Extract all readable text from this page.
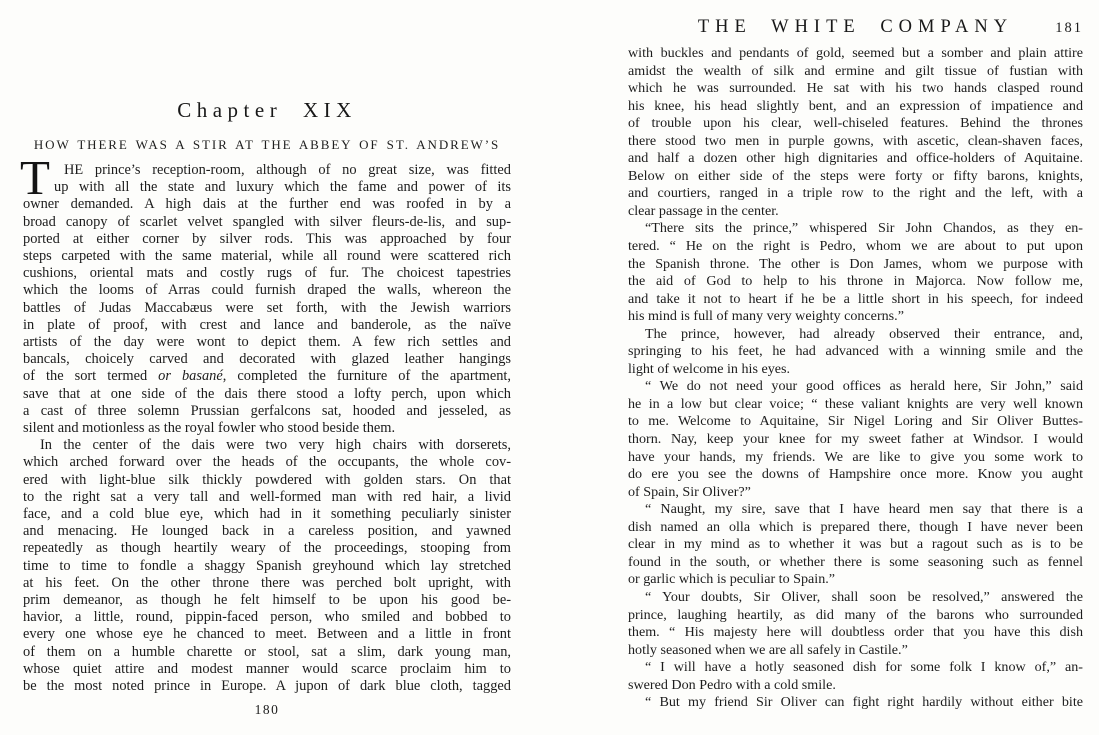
Chapter XIX
HOW THERE WAS A STIR AT THE ABBEY OF ST. ANDREW’S
T HE prince’s reception-room, although of no great size, was fitted
up with all the state and luxury which the fame and power of its
owner demanded. A high dais at the further end was roofed in by a
broad canopy of scarlet velvet spangled with silver fleurs-de-lis, and sup-
ported at either corner by silver rods. This was approached by four
steps carpeted with the same material, while all round were scattered rich
cushions, oriental mats and costly rugs of fur. The choicest tapestries
which the looms of Arras could furnish draped the walls, whereon the
battles of Judas Maccabæus were set forth, with the Jewish warriors
in plate of proof, with crest and lance and banderole, as the naïve
artists of the day were wont to depict them. A few rich settles and
bancals, choicely carved and decorated with glazed leather hangings
of the sort termed or basané, completed the furniture of the apartment,
save that at one side of the dais there stood a lofty perch, upon which
a cast of three solemn Prussian gerfalcons sat, hooded and jesseled, as
silent and motionless as the royal fowler who stood beside them.
In the center of the dais were two very high chairs with dorserets,
which arched forward over the heads of the occupants, the whole cov-
ered with light-blue silk thickly powdered with golden stars. On that
to the right sat a very tall and well-formed man with red hair, a livid
face, and a cold blue eye, which had in it something peculiarly sinister
and menacing. He lounged back in a careless position, and yawned
repeatedly as though heartily weary of the proceedings, stooping from
time to time to fondle a shaggy Spanish greyhound which lay stretched
at his feet. On the other throne there was perched bolt upright, with
prim demeanor, as though he felt himself to be upon his good be-
havior, a little, round, pippin-faced person, who smiled and bobbed to
every one whose eye he chanced to meet. Between and a little in front
of them on a humble charette or stool, sat a slim, dark young man,
whose quiet attire and modest manner would scarce proclaim him to
be the most noted prince in Europe. A jupon of dark blue cloth, tagged
180
THE WHITE COMPANY	181
with buckles and pendants of gold, seemed but a somber and plain attire
amidst the wealth of silk and ermine and gilt tissue of fustian with
which he was surrounded. He sat with his two hands clasped round
his knee, his head slightly bent, and an expression of impatience and
of trouble upon his clear, well-chiseled features. Behind the thrones
there stood two men in purple gowns, with ascetic, clean-shaven faces,
and half a dozen other high dignitaries and office-holders of Aquitaine.
Below on either side of the steps were forty or fifty barons, knights,
and courtiers, ranged in a triple row to the right and the left, with a
clear passage in the center.
“There sits the prince,” whispered Sir John Chandos, as they en-
tered. “ He on the right is Pedro, whom we are about to put upon
the Spanish throne. The other is Don James, whom we purpose with
the aid of God to help to his throne in Majorca. Now follow me,
and take it not to heart if he be a little short in his speech, for indeed
his mind is full of many very weighty concerns.”
The prince, however, had already observed their entrance, and,
springing to his feet, he had advanced with a winning smile and the
light of welcome in his eyes.
“ We do not need your good offices as herald here, Sir John,” said
he in a low but clear voice; “ these valiant knights are very well known
to me. Welcome to Aquitaine, Sir Nigel Loring and Sir Oliver Buttes-
thorn. Nay, keep your knee for my sweet father at Windsor. I would
have your hands, my friends. We are like to give you some work to
do ere you see the downs of Hampshire once more. Know you aught
of Spain, Sir Oliver?”
“ Naught, my sire, save that I have heard men say that there is a
dish named an olla which is prepared there, though I have never been
clear in my mind as to whether it was but a ragout such as is to be
found in the south, or whether there is some seasoning such as fennel
or garlic which is peculiar to Spain.”
“ Your doubts, Sir Oliver, shall soon be resolved,” answered the
prince, laughing heartily, as did many of the barons who surrounded
them. “ His majesty here will doubtless order that you have this dish
hotly seasoned when we are all safely in Castile.”
“ I will have a hotly seasoned dish for some folk I know of,” an-
swered Don Pedro with a cold smile.
“ But my friend Sir Oliver can fight right hardily without either bite
